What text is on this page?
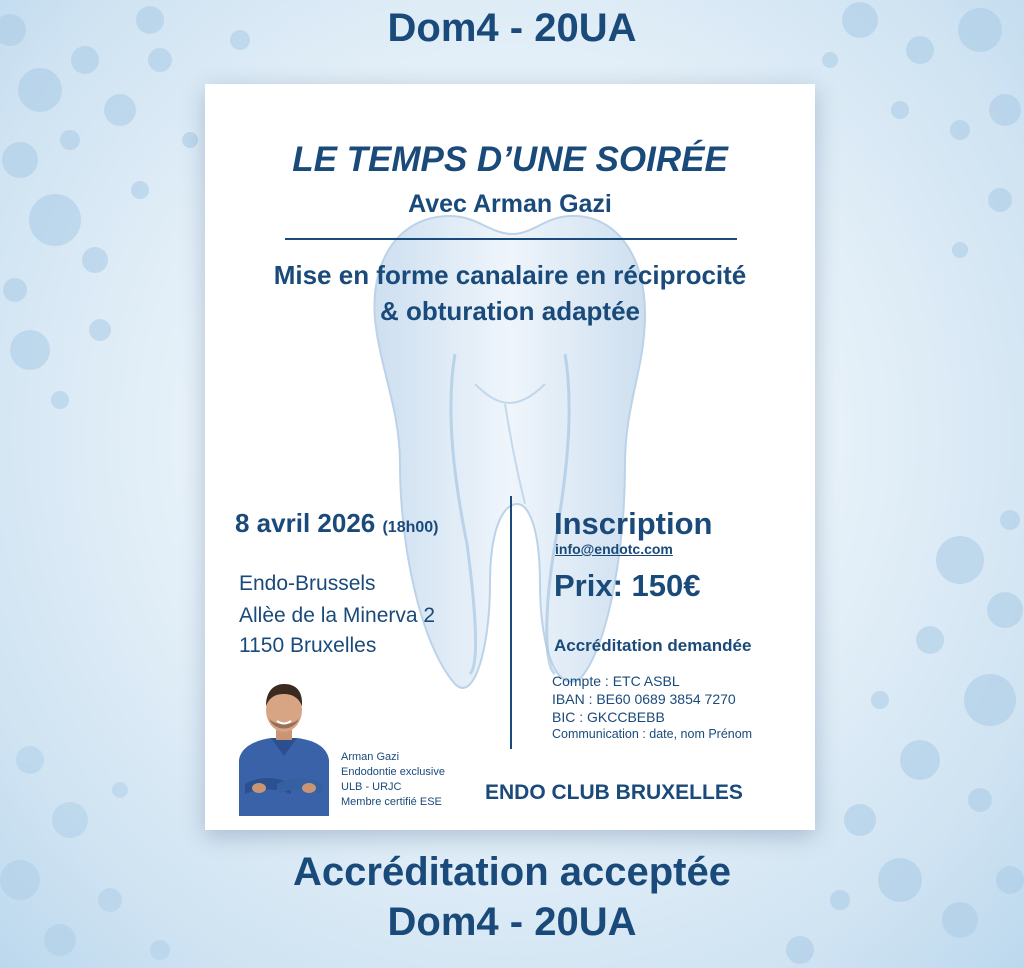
Dom4 - 20UA
LE TEMPS D’UNE SOIRÉE
Avec Arman Gazi
Mise en forme canalaire en réciprocité
& obturation adaptée
8 avril 2026 (18h00)
Endo-Brussels
Allèe de la Minerva 2
1150 Bruxelles
Inscription
info@endotc.com
Prix: 150€
Accréditation demandée
Compte : ETC ASBL
IBAN : BE60 0689 3854 7270
BIC : GKCCBEBB
Communication : date, nom Prénom
Arman Gazi
Endodontie exclusive
ULB - URJC
Membre certifié ESE ENDO CLUB BRUXELLES
Accréditation acceptée
Dom4 - 20UA
